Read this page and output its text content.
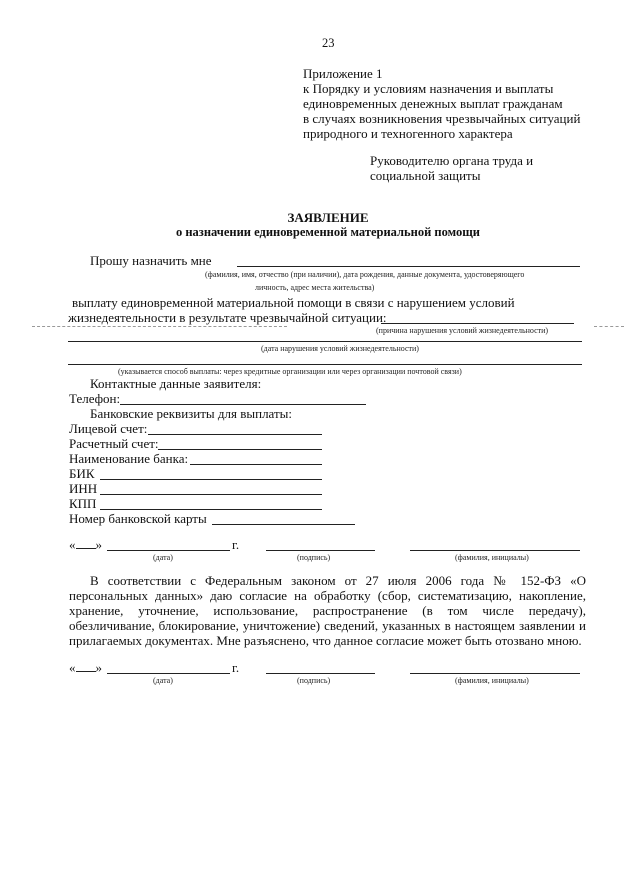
23
Приложение 1
к Порядку и условиям назначения и выплаты
единовременных денежных выплат гражданам
в случаях возникновения чрезвычайных ситуаций
природного и техногенного характера
Руководителю органа труда и
социальной защиты
ЗАЯВЛЕНИЕ
о назначении единовременной материальной помощи
Прошу назначить мне
(фамилия, имя, отчество (при наличии), дата рождения, данные документа, удостоверяющего
личность, адрес места жительства)
выплату единовременной материальной помощи в связи с нарушением условий
жизнедеятельности в результате чрезвычайной ситуации:
(причина нарушения условий жизнедеятельности)
(дата нарушения условий жизнедеятельности)
(указывается способ выплаты: через кредитные организации или через организации почтовой связи)
Контактные данные заявителя:
Телефон:
Банковские реквизиты для выплаты:
Лицевой счет:
Расчетный счет:
Наименование банка:
БИК
ИНН
КПП
Номер банковской карты
« »	г.
(дата)	(подпись)	(фамилия, инициалы)
В соответствии с Федеральным законом от 27 июля 2006 года № 152-ФЗ «О персональных данных» даю согласие на обработку (сбор, систематизацию, накопление, хранение, уточнение, использование, распространение (в том числе передачу), обезличивание, блокирование, уничтожение) сведений, указанных в настоящем заявлении и прилагаемых документах. Мне разъяснено, что данное согласие может быть отозвано мною.
« »	г.
(дата)	(подпись)	(фамилия, инициалы)
